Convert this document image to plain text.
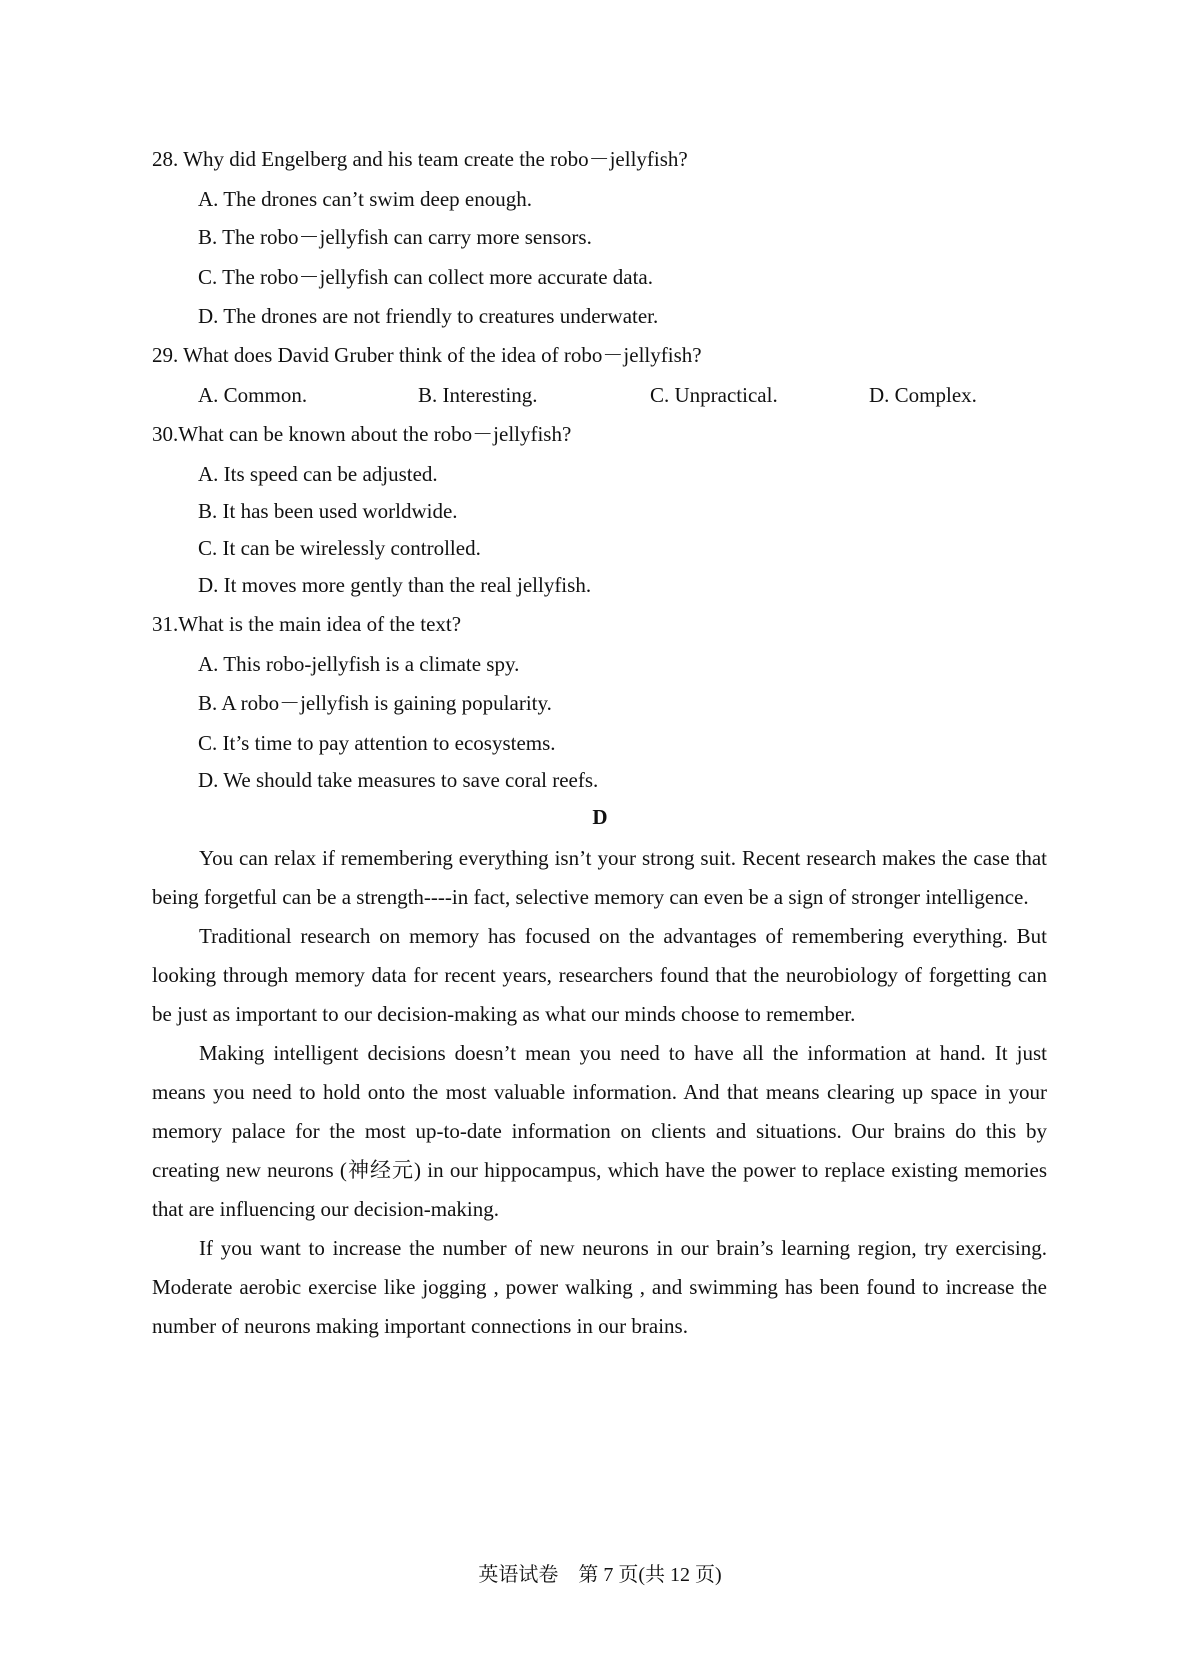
28. Why did Engelberg and his team create the robo－jellyfish?
A. The drones can’t swim deep enough.
B. The robo－jellyfish can carry more sensors.
C. The robo－jellyfish can collect more accurate data.
D. The drones are not friendly to creatures underwater.
29. What does David Gruber think of the idea of robo－jellyfish?
A. Common.	B. Interesting.	C. Unpractical.	D. Complex.
30.What can be known about the robo－jellyfish?
A. Its speed can be adjusted.
B. It has been used worldwide.
C. It can be wirelessly controlled.
D. It moves more gently than the real jellyfish.
31.What is the main idea of the text?
A. This robo-jellyfish is a climate spy.
B. A robo－jellyfish is gaining popularity.
C. It’s time to pay attention to ecosystems.
D. We should take measures to save coral reefs.
D

You can relax if remembering everything isn’t your strong suit. Recent research makes the case that being forgetful can be a strength----in fact, selective memory can even be a sign of stronger intelligence.

Traditional research on memory has focused on the advantages of remembering everything. But looking through memory data for recent years, researchers found that the neurobiology of forgetting can be just as important to our decision-making as what our minds choose to remember.

Making intelligent decisions doesn’t mean you need to have all the information at hand. It just means you need to hold onto the most valuable information. And that means clearing up space in your memory palace for the most up-to-date information on clients and situations. Our brains do this by creating new neurons (神经元) in our hippocampus, which have the power to replace existing memories that are influencing our decision-making.

If you want to increase the number of new neurons in our brain’s learning region, try exercising. Moderate aerobic exercise like jogging , power walking , and swimming has been found to increase the number of neurons making important connections in our brains.

英语试卷　第 7 页(共 12 页)
